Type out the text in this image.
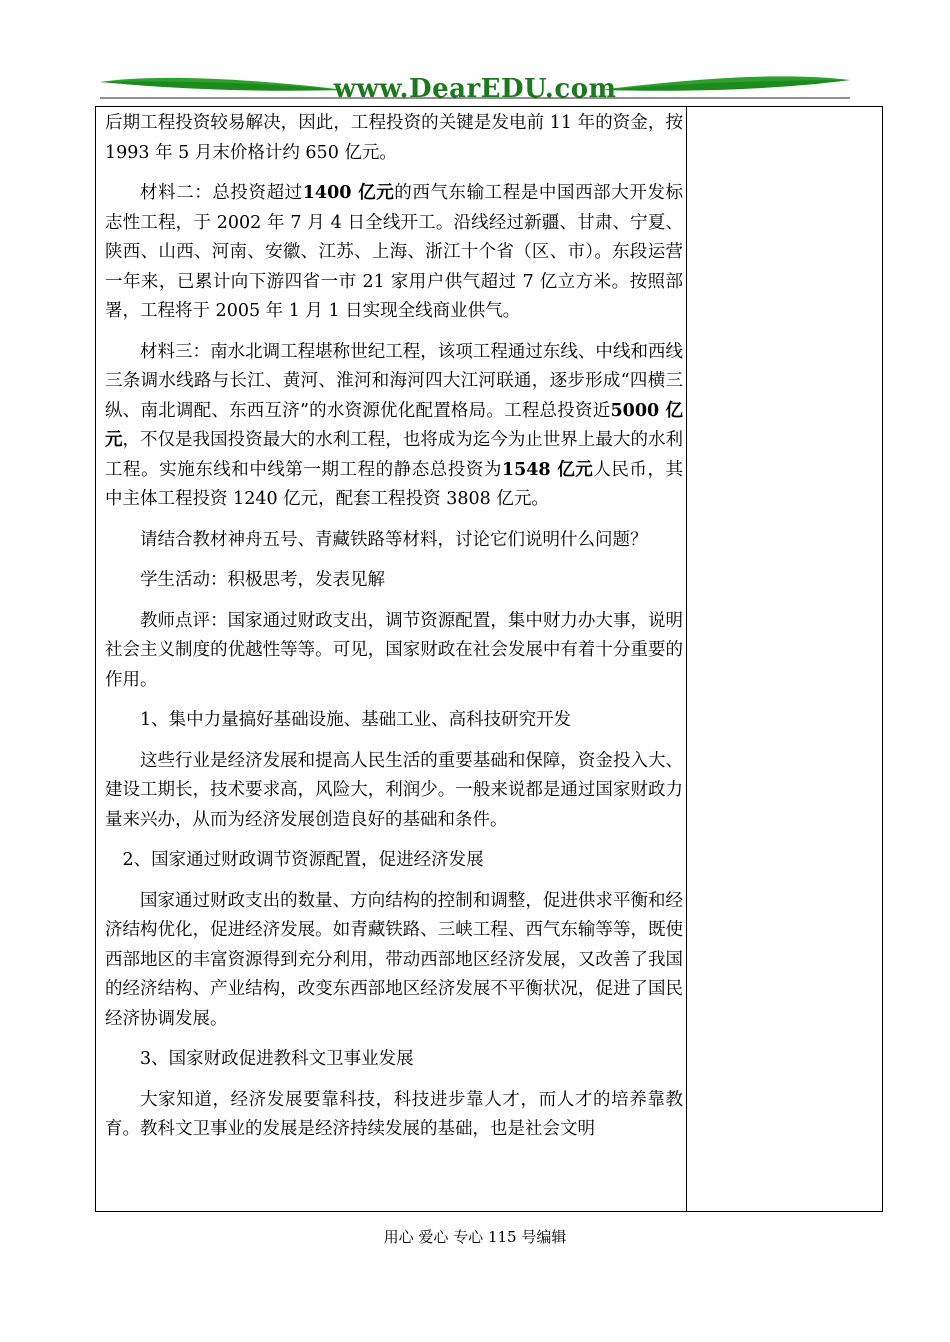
www.DearEDU.com

后期工程投资较易解决，因此，工程投资的关键是发电前 11 年的资金，按 1993 年 5 月末价格计约 650 亿元。

材料二：总投资超过1400 亿元的西气东输工程是中国西部大开发标志性工程，于 2002 年 7 月 4 日全线开工。沿线经过新疆、甘肃、宁夏、陕西、山西、河南、安徽、江苏、上海、浙江十个省（区、市）。东段运营一年来，已累计向下游四省一市 21 家用户供气超过 7 亿立方米。按照部署，工程将于 2005 年 1 月 1 日实现全线商业供气。

材料三：南水北调工程堪称世纪工程，该项工程通过东线、中线和西线三条调水线路与长江、黄河、淮河和海河四大江河联通，逐步形成“四横三纵、南北调配、东西互济”的水资源优化配置格局。工程总投资近5000 亿元，不仅是我国投资最大的水利工程，也将成为迄今为止世界上最大的水利工程。实施东线和中线第一期工程的静态总投资为1548 亿元人民币，其中主体工程投资 1240 亿元，配套工程投资 3808 亿元。

请结合教材神舟五号、青藏铁路等材料，讨论它们说明什么问题？

学生活动：积极思考，发表见解

教师点评：国家通过财政支出，调节资源配置，集中财力办大事，说明社会主义制度的优越性等等。可见，国家财政在社会发展中有着十分重要的作用。

1、集中力量搞好基础设施、基础工业、高科技研究开发

这些行业是经济发展和提高人民生活的重要基础和保障，资金投入大、建设工期长，技术要求高，风险大，利润少。一般来说都是通过国家财政力量来兴办，从而为经济发展创造良好的基础和条件。

2、国家通过财政调节资源配置，促进经济发展

国家通过财政支出的数量、方向结构的控制和调整，促进供求平衡和经济结构优化，促进经济发展。如青藏铁路、三峡工程、西气东输等等，既使西部地区的丰富资源得到充分利用，带动西部地区经济发展，又改善了我国的经济结构、产业结构，改变东西部地区经济发展不平衡状况，促进了国民经济协调发展。

3、国家财政促进教科文卫事业发展

大家知道，经济发展要靠科技，科技进步靠人才，而人才的培养靠教育。教科文卫事业的发展是经济持续发展的基础，也是社会文明

用心 爱心 专心 115 号编辑
